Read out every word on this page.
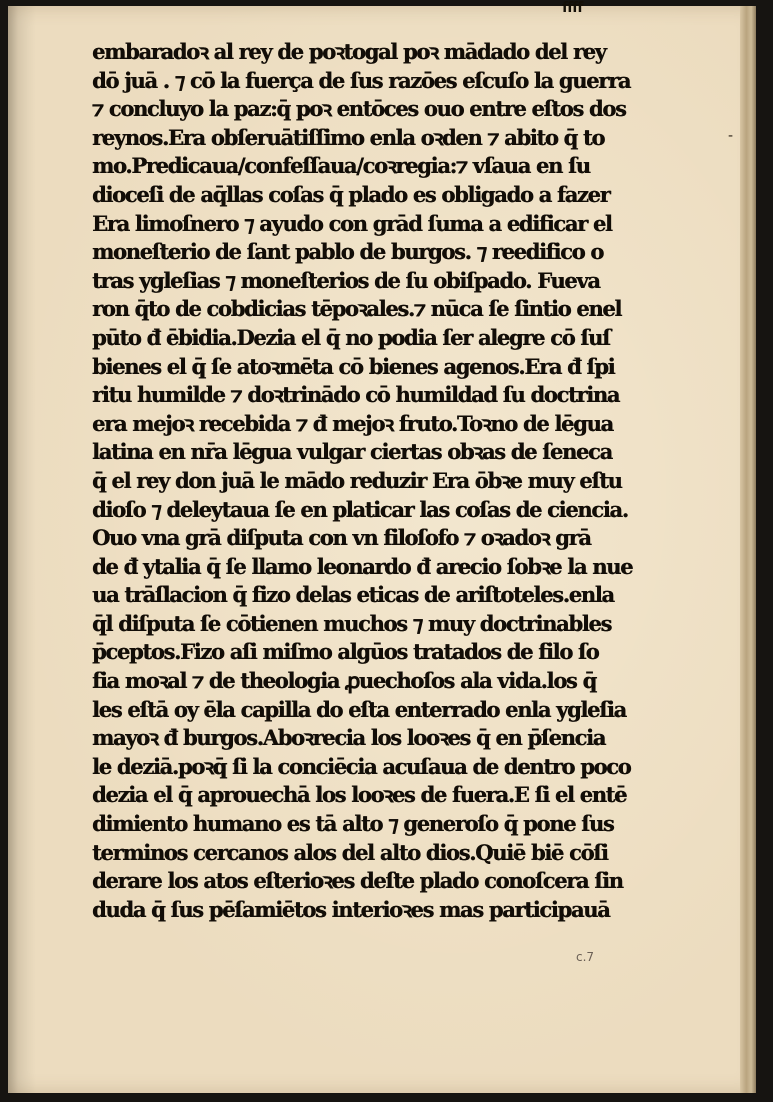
ffff
-
embaradoꝛ al rey de poꝛtogal poꝛ mādado del rey
dō juā . ⁊ cō la fuerça de ſus razōes eſcuſo la guerra
⁊ concluyo la paz:q̄ poꝛ entōces ouo entre eſtos dos
reynos.Era obſeruātiſſimo enla oꝛden ⁊ abito q̄ to
mo.Predicaua/confeſſaua/coꝛregia:⁊ vſaua en ſu
dioceſi de aq̄llas coſas q̄ plado es obligado a fazer
Era limoſnero ⁊ ayudo con grād ſuma a edificar el
moneſterio de ſant pablo de burgos. ⁊ reedifico o
tras ygleſias ⁊ moneſterios de ſu obiſpado. Fueva
ron q̄to de cobdicias tēpoꝛales.⁊ nūca ſe ſintio enel
pūto đ ēbidia.Dezia el q̄ no podia ſer alegre cō ſuſ
bienes el q̄ ſe atoꝛmēta cō bienes agenos.Era đ ſpi
ritu humilde ⁊ doꝛtrinādo cō humildad ſu doctrina
era mejoꝛ recebida ⁊ đ mejoꝛ fruto.Toꝛno de lēgua
latina en nr̄a lēgua vulgar ciertas obꝛas de ſeneca
q̄ el rey don juā le mādo reduzir Era ōbꝛe muy eſtu
dioſo ⁊ deleytaua ſe en platicar las coſas de ciencia.
Ouo vna grā diſputa con vn filoſofo ⁊ oꝛadoꝛ grā
de đ ytalia q̄ ſe llamo leonardo đ arecio ſobꝛe la nue
ua trāſlacion q̄ fizo delas eticas de ariſtoteles.enla
q̄l diſputa ſe cōtienen muchos ⁊ muy doctrinables
p̄ceptos.Fizo aſi miſmo algūos tratados de filo ſo
fia moꝛal ⁊ de theologia ꝓuechoſos ala vida.los q̄
les eſtā oy ēla capilla do eſta enterrado enla ygleſia
mayoꝛ đ burgos.Aboꝛrecia los looꝛes q̄ en p̄ſencia
le deziā.poꝛq̄ ſi la conciēcia acuſaua de dentro poco
dezia el q̄ aprouechā los looꝛes de fuera.E ſi el entē
dimiento humano es tā alto ⁊ generoſo q̄ pone ſus
terminos cercanos alos del alto dios.Quiē biē cōſi
derare los atos eſterioꝛes deſte plado conoſcera ſin
duda q̄ ſus pēſamiētos interioꝛes mas participauā
c.7
